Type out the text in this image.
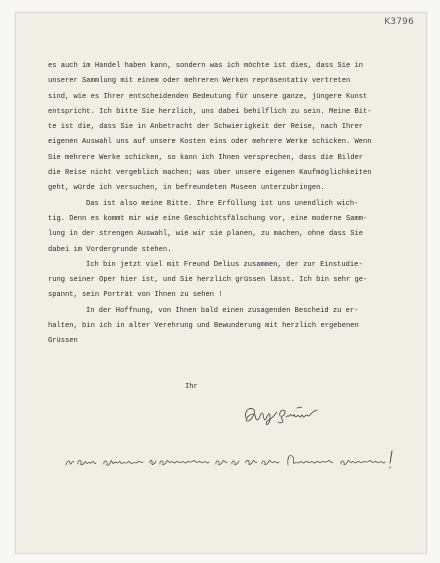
K3796
es auch im Handel haben kann, sondern was ich möchte ist dies, dass Sie in
unserer Sammlung mit einem oder mehreren Werken repräsentativ vertreten
sind, wie es Ihrer entscheidenden Bedeutung für unsere ganze, jüngere Kunst
entspricht. Ich bitte Sie herzlich, uns dabei behilflich zu sein. Meine Bit-
te ist die, dass Sie in Anbetracht der Schwierigkeit der Reise, nach Ihrer
eigenen Auswahl uns auf unsere Kosten eins oder mehrere Werke schicken. Wenn
Sie mehrere Werke schicken, so kann ich Ihnen versprechen, dass die Bilder
die Reise nicht vergeblich machen; was über unsere eigenen Kaufmöglichkeiten
geht, würde ich versuchen, in befreundeten Museen unterzubringen.
Das ist also meine Bitte. Ihre Erfüllung ist uns unendlich wich-
tig. Denn es kommt mir wie eine Geschichtsfälschung vor, eine moderne Samm-
lung in der strengen Auswahl, wie wir sie planen, zu machen, ohne dass Sie
dabei im Vordergrunde stehen.
Ich bin jetzt viel mit Freund Delius zusammen, der zur Einstudie-
rung seiner Oper hier ist, und Sie herzlich grüssen lässt. Ich bin sehr ge-
spannt, sein Porträt von Ihnen zu sehen !
In der Hoffnung, von Ihnen bald einen zusagenden Bescheid zu er-
halten, bin ich in alter Verehrung und Bewunderung mit herzlich ergebenen
Grüssen
Ihr
